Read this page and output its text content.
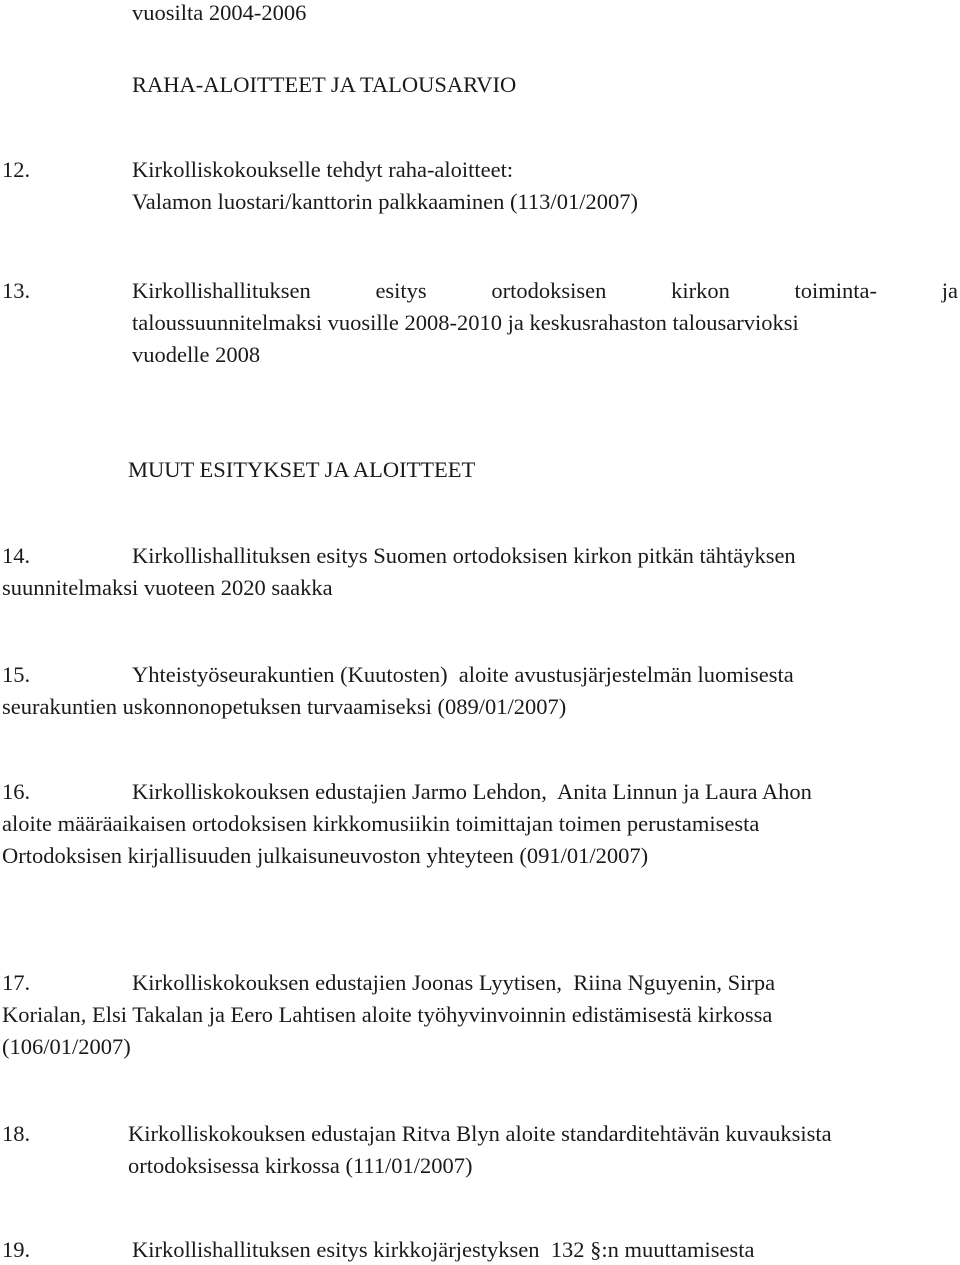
vuosilta 2004-2006
RAHA-ALOITTEET JA TALOUSARVIO
12.	Kirkolliskokoukselle tehdyt raha-aloitteet:
Valamon luostari/kanttorin palkkaaminen (113/01/2007)
13.	Kirkollishallituksen	esitys	ortodoksisen	kirkon	toiminta-	ja
taloussuunnitelmaksi vuosille 2008-2010 ja keskusrahaston talousarvioksi
vuodelle 2008
MUUT ESITYKSET JA ALOITTEET
14.	Kirkollishallituksen esitys Suomen ortodoksisen kirkon pitkän tähtäyksen
suunnitelmaksi vuoteen 2020 saakka
15.	Yhteistyöseurakuntien (Kuutosten)  aloite avustusjärjestelmän luomisesta
seurakuntien uskonnonopetuksen turvaamiseksi (089/01/2007)
16.	Kirkolliskokouksen edustajien Jarmo Lehdon,  Anita Linnun ja Laura Ahon
aloite määräaikaisen ortodoksisen kirkkomusiikin toimittajan toimen perustamisesta
Ortodoksisen kirjallisuuden julkaisuneuvoston yhteyteen (091/01/2007)
17.	Kirkolliskokouksen edustajien Joonas Lyytisen,  Riina Nguyenin, Sirpa
Korialan, Elsi Takalan ja Eero Lahtisen aloite työhyvinvoinnin edistämisestä kirkossa
(106/01/2007)
18.	Kirkolliskokouksen edustajan Ritva Blyn aloite standarditehtävän kuvauksista
ortodoksisessa kirkossa (111/01/2007)
19.	Kirkollishallituksen esitys kirkkojärjestyksen  132 §:n muuttamisesta
